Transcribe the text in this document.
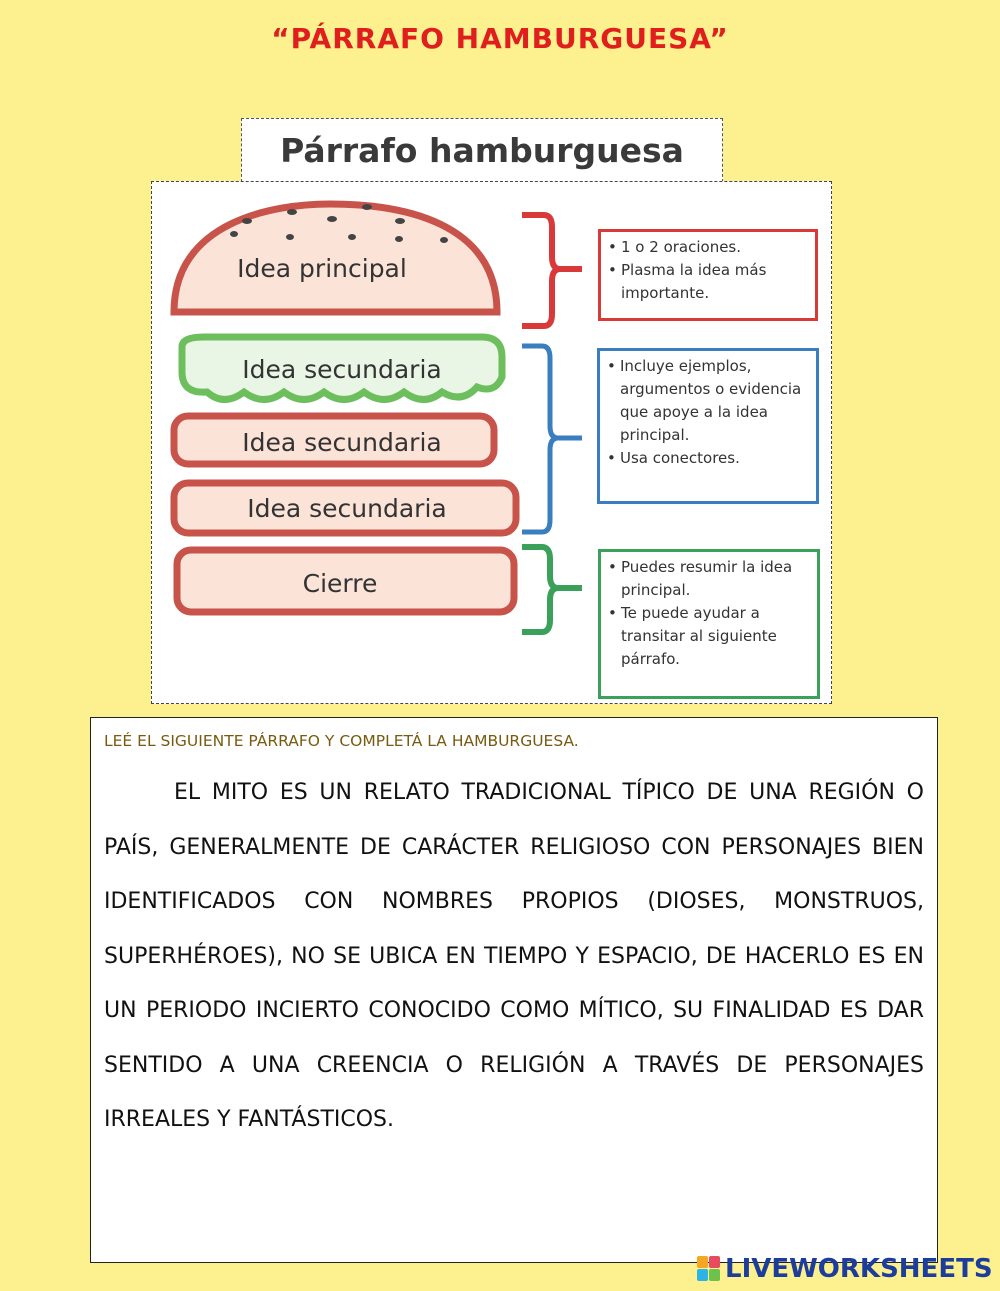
“PÁRRAFO HAMBURGUESA”
Párrafo hamburguesa
Idea principal
Idea secundaria
Idea secundaria
Idea secundaria
Cierre
• 1 o 2 oraciones.
• Plasma la idea más importante.
• Incluye ejemplos, argumentos o evidencia que apoye a la idea principal.
• Usa conectores.
• Puedes resumir la idea principal.
• Te puede ayudar a transitar al siguiente párrafo.

LEÉ EL SIGUIENTE PÁRRAFO Y COMPLETÁ LA HAMBURGUESA.

EL MITO ES UN RELATO TRADICIONAL TÍPICO DE UNA REGIÓN O PAÍS, GENERALMENTE DE CARÁCTER RELIGIOSO CON PERSONAJES BIEN IDENTIFICADOS CON NOMBRES PROPIOS (DIOSES, MONSTRUOS, SUPERHÉROES), NO SE UBICA EN TIEMPO Y ESPACIO, DE HACERLO ES EN UN PERIODO INCIERTO CONOCIDO COMO MÍTICO, SU FINALIDAD ES DAR SENTIDO A UNA CREENCIA O RELIGIÓN A TRAVÉS DE PERSONAJES IRREALES Y FANTÁSTICOS.

LIVEWORKSHEETS
